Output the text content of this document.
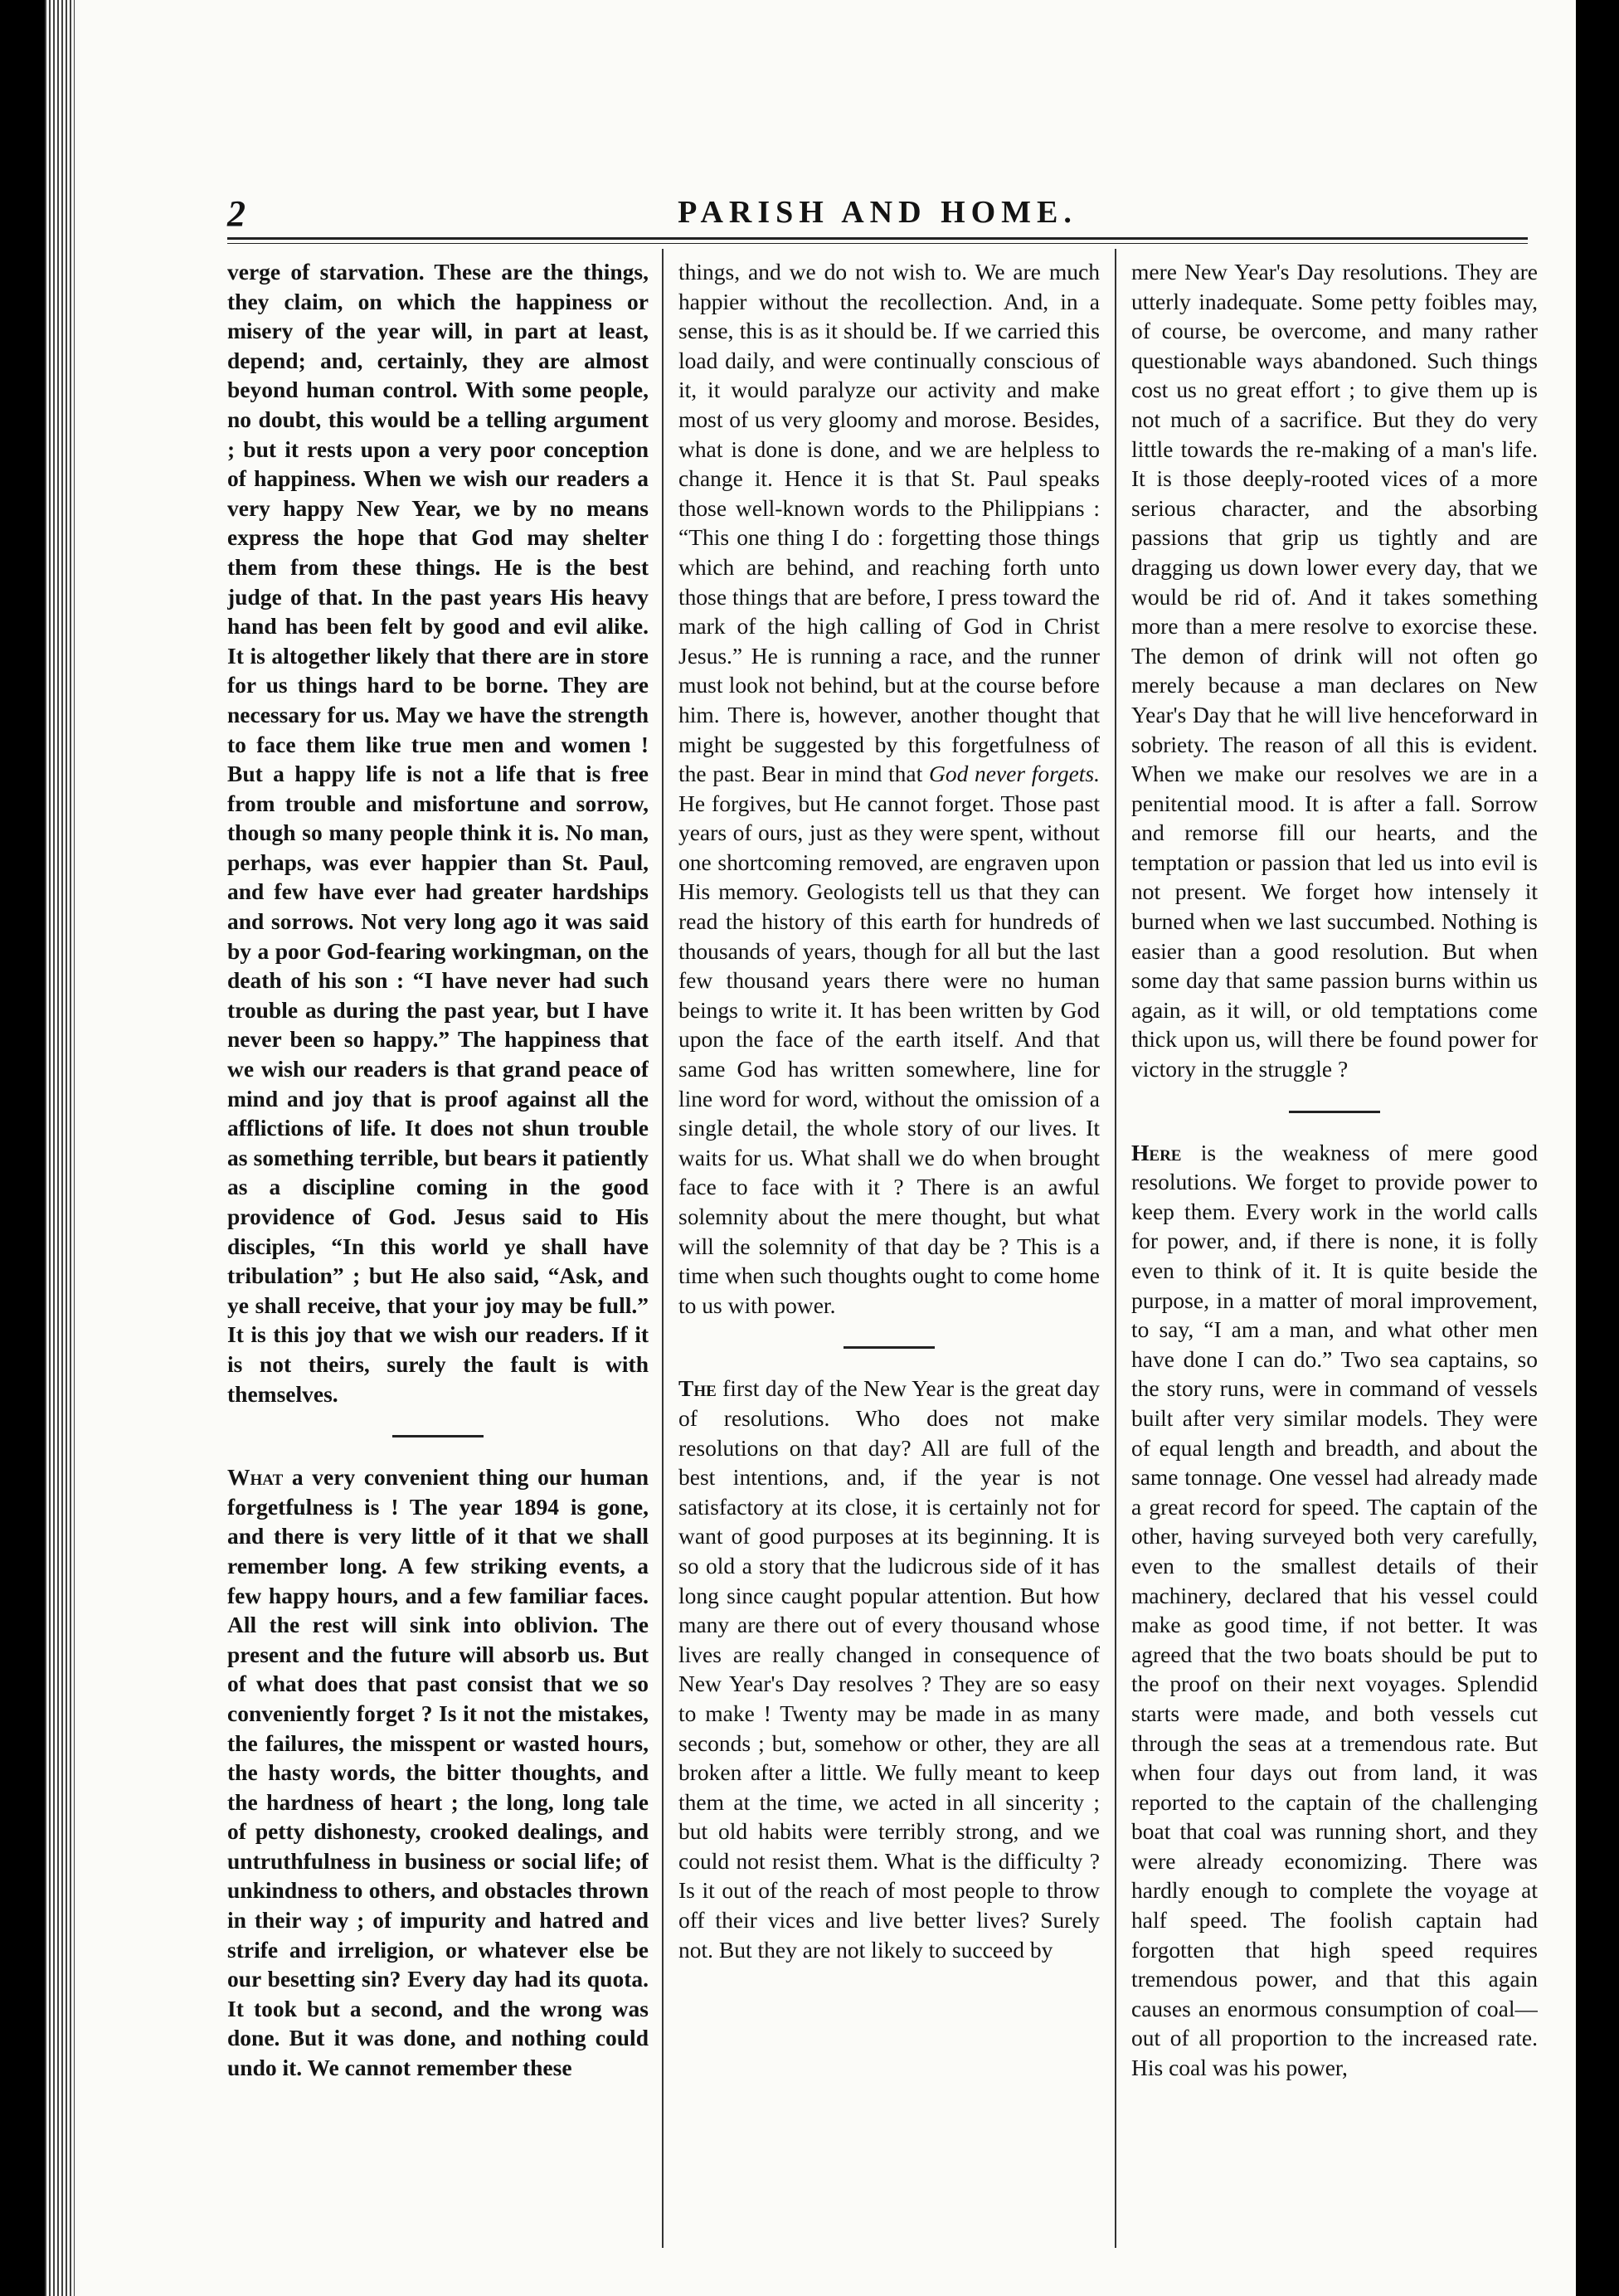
2	PARISH AND HOME.

verge of starvation. These are the things, they claim, on which the happiness or misery of the year will, in part at least, depend; and, certainly, they are almost beyond human control. With some people, no doubt, this would be a telling argument ; but it rests upon a very poor conception of happiness. When we wish our readers a very happy New Year, we by no means express the hope that God may shelter them from these things. He is the best judge of that. In the past years His heavy hand has been felt by good and evil alike. It is altogether likely that there are in store for us things hard to be borne. They are necessary for us. May we have the strength to face them like true men and women ! But a happy life is not a life that is free from trouble and misfortune and sorrow, though so many people think it is. No man, perhaps, was ever happier than St. Paul, and few have ever had greater hardships and sorrows. Not very long ago it was said by a poor God-fearing workingman, on the death of his son : “I have never had such trouble as during the past year, but I have never been so happy.” The happiness that we wish our readers is that grand peace of mind and joy that is proof against all the afflictions of life. It does not shun trouble as something terrible, but bears it patiently as a discipline coming in the good providence of God. Jesus said to His disciples, “In this world ye shall have tribulation” ; but He also said, “Ask, and ye shall receive, that your joy may be full.” It is this joy that we wish our readers. If it is not theirs, surely the fault is with themselves.

What a very convenient thing our human forgetfulness is ! The year 1894 is gone, and there is very little of it that we shall remember long. A few striking events, a few happy hours, and a few familiar faces. All the rest will sink into oblivion. The present and the future will absorb us. But of what does that past consist that we so conveniently forget ? Is it not the mistakes, the failures, the misspent or wasted hours, the hasty words, the bitter thoughts, and the hardness of heart ; the long, long tale of petty dishonesty, crooked dealings, and untruthfulness in business or social life; of unkindness to others, and obstacles thrown in their way ; of impurity and hatred and strife and irreligion, or whatever else be our besetting sin? Every day had its quota. It took but a second, and the wrong was done. But it was done, and nothing could undo it. We cannot remember these

things, and we do not wish to. We are much happier without the recollection. And, in a sense, this is as it should be. If we carried this load daily, and were continually conscious of it, it would paralyze our activity and make most of us very gloomy and morose. Besides, what is done is done, and we are helpless to change it. Hence it is that St. Paul speaks those well-known words to the Philippians : “This one thing I do : forgetting those things which are behind, and reaching forth unto those things that are before, I press toward the mark of the high calling of God in Christ Jesus.” He is running a race, and the runner must look not behind, but at the course before him. There is, however, another thought that might be suggested by this forgetfulness of the past. Bear in mind that God never forgets. He forgives, but He cannot forget. Those past years of ours, just as they were spent, without one shortcoming removed, are engraven upon His memory. Geologists tell us that they can read the history of this earth for hundreds of thousands of years, though for all but the last few thousand years there were no human beings to write it. It has been written by God upon the face of the earth itself. And that same God has written somewhere, line for line word for word, without the omission of a single detail, the whole story of our lives. It waits for us. What shall we do when brought face to face with it ? There is an awful solemnity about the mere thought, but what will the solemnity of that day be ? This is a time when such thoughts ought to come home to us with power.

The first day of the New Year is the great day of resolutions. Who does not make resolutions on that day? All are full of the best intentions, and, if the year is not satisfactory at its close, it is certainly not for want of good purposes at its beginning. It is so old a story that the ludicrous side of it has long since caught popular attention. But how many are there out of every thousand whose lives are really changed in consequence of New Year's Day resolves ? They are so easy to make ! Twenty may be made in as many seconds ; but, somehow or other, they are all broken after a little. We fully meant to keep them at the time, we acted in all sincerity ; but old habits were terribly strong, and we could not resist them. What is the difficulty ? Is it out of the reach of most people to throw off their vices and live better lives? Surely not. But they are not likely to succeed by

mere New Year's Day resolutions. They are utterly inadequate. Some petty foibles may, of course, be overcome, and many rather questionable ways abandoned. Such things cost us no great effort ; to give them up is not much of a sacrifice. But they do very little towards the re-making of a man's life. It is those deeply-rooted vices of a more serious character, and the absorbing passions that grip us tightly and are dragging us down lower every day, that we would be rid of. And it takes something more than a mere resolve to exorcise these. The demon of drink will not often go merely because a man declares on New Year's Day that he will live henceforward in sobriety. The reason of all this is evident. When we make our resolves we are in a penitential mood. It is after a fall. Sorrow and remorse fill our hearts, and the temptation or passion that led us into evil is not present. We forget how intensely it burned when we last succumbed. Nothing is easier than a good resolution. But when some day that same passion burns within us again, as it will, or old temptations come thick upon us, will there be found power for victory in the struggle ?

Here is the weakness of mere good resolutions. We forget to provide power to keep them. Every work in the world calls for power, and, if there is none, it is folly even to think of it. It is quite beside the purpose, in a matter of moral improvement, to say, “I am a man, and what other men have done I can do.” Two sea captains, so the story runs, were in command of vessels built after very similar models. They were of equal length and breadth, and about the same tonnage. One vessel had already made a great record for speed. The captain of the other, having surveyed both very carefully, even to the smallest details of their machinery, declared that his vessel could make as good time, if not better. It was agreed that the two boats should be put to the proof on their next voyages. Splendid starts were made, and both vessels cut through the seas at a tremendous rate. But when four days out from land, it was reported to the captain of the challenging boat that coal was running short, and they were already economizing. There was hardly enough to complete the voyage at half speed. The foolish captain had forgotten that high speed requires tremendous power, and that this again causes an enormous consumption of coal—out of all proportion to the increased rate. His coal was his power,
